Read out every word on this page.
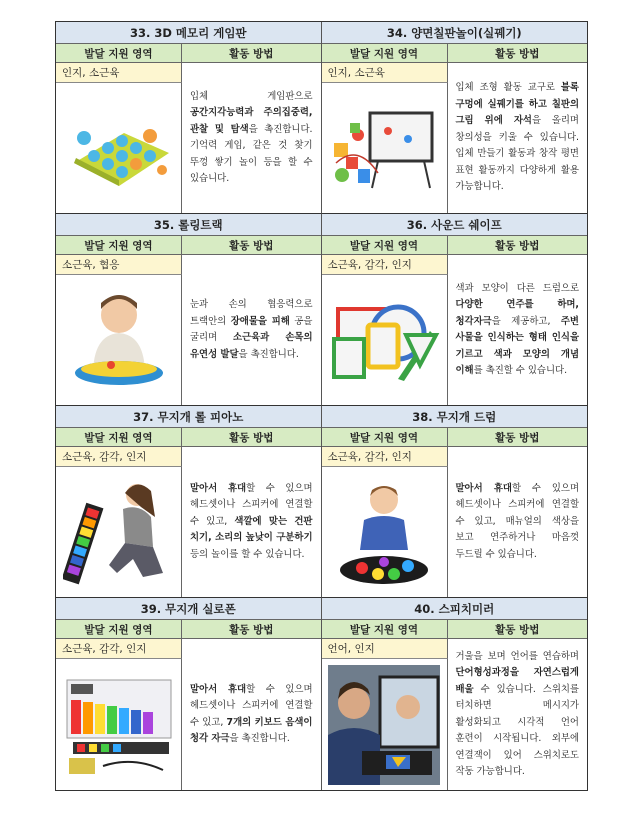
33. 3D 메모리 게임판
발달 지원 영역	활동 방법
인지, 소근육
입체 게임판으로 공간지각능력과 주의집중력, 관찰 및 탐색을 촉진합니다. 기억력 게임, 같은 것 찾기 뚜껑 쌓기 놀이 등을 할 수 있습니다.
34. 양면칠판놀이(실꿰기)
발달 지원 영역	활동 방법
인지, 소근육
입체 조형 활동 교구로 블록 구멍에 실꿰기를 하고 칠판의 그림 위에 자석을 올리며 창의성을 키울 수 있습니다. 입체 만들기 활동과 창작 평면 표현 활동까지 다양하게 활용 가능합니다.
35. 롤링트랙
발달 지원 영역	활동 방법
소근육, 협응
눈과 손의 협응력으로 트랙안의 장애물을 피해 공을 굴리며 소근육과 손목의 유연성 발달을 촉진합니다.
36. 사운드 쉐이프
발달 지원 영역	활동 방법
소근육, 감각, 인지
색과 모양이 다른 드럼으로 다양한 연주를 하며, 청각자극을 제공하고, 주변 사물을 인식하는 형태 인식을 기르고 색과 모양의 개념 이해를 촉진할 수 있습니다.
37. 무지개 롤 피아노
발달 지원 영역	활동 방법
소근육, 감각, 인지
말아서 휴대할 수 있으며 헤드셋이나 스피커에 연결할 수 있고, 색깔에 맞는 건판 치기, 소리의 높낮이 구분하기 등의 놀이를 할 수 있습니다.
38. 무지개 드럼
발달 지원 영역	활동 방법
소근육, 감각, 인지
말아서 휴대할 수 있으며 헤드셋이나 스피커에 연결할 수 있고, 매뉴얼의 색상을 보고 연주하거나 마음껏 두드릴 수 있습니다.
39. 무지개 실로폰
발달 지원 영역	활동 방법
소근육, 감각, 인지
말아서 휴대할 수 있으며 헤드셋이나 스피커에 연결할 수 있고, 7개의 키보드 음색이 청각 자극을 촉진합니다.
40. 스피치미러
발달 지원 영역	활동 방법
언어, 인지
거울을 보며 언어를 연습하며 단어형성과정을 자연스럽게 배울 수 있습니다. 스위치를 터치하면 메시지가 활성화되고 시각적 언어 훈련이 시작됩니다. 외부에 연결잭이 있어 스위치로도 작동 가능합니다.
